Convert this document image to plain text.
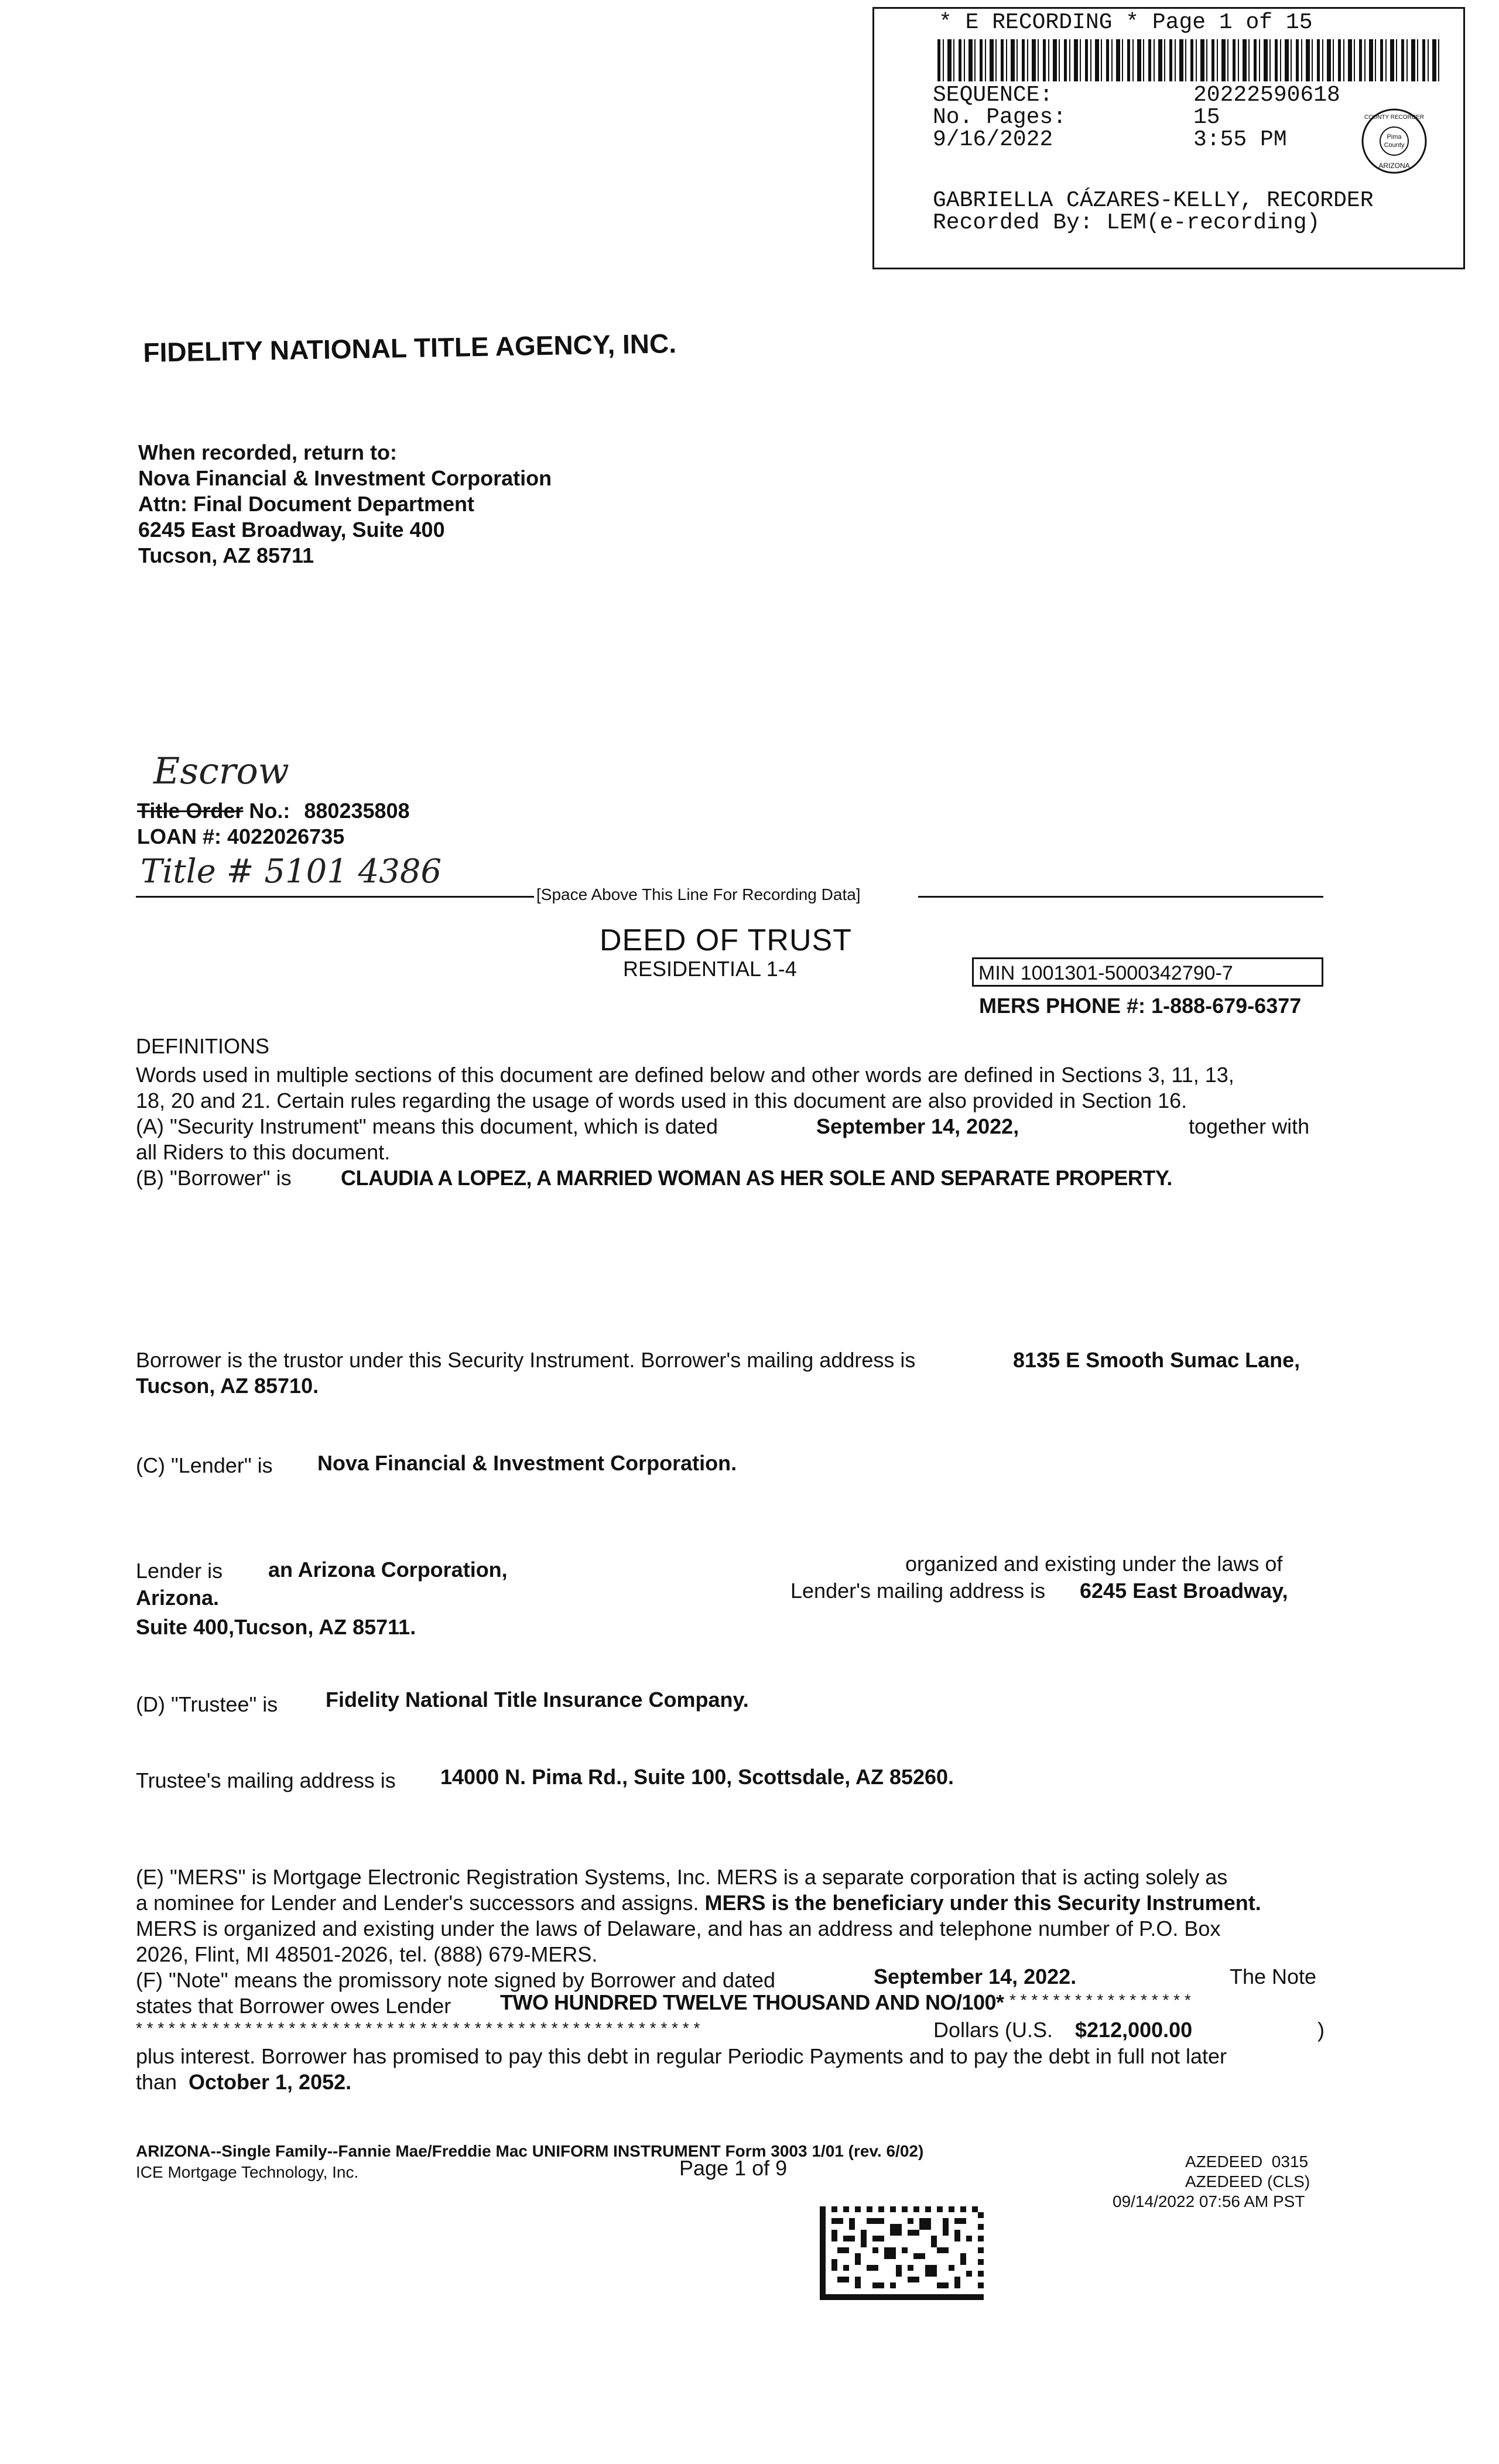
* E RECORDING * Page 1 of 15
SEQUENCE:	20222590618
No. Pages:	15
9/16/2022	3:55 PM	Pima
County
COUNTY RECORDER
ARIZONA
GABRIELLA CÁZARES-KELLY, RECORDER
Recorded By: LEM(e-recording)
FIDELITY NATIONAL TITLE AGENCY, INC.
When recorded, return to:
Nova Financial & Investment Corporation
Attn: Final Document Department
6245 East Broadway, Suite 400
Tucson, AZ 85711
Escrow
Title Order No.: 880235808
LOAN #: 4022026735
Title # 5101 4386
[Space Above This Line For Recording Data]
DEED OF TRUST
RESIDENTIAL 1-4	MIN 1001301-5000342790-7
MERS PHONE #: 1-888-679-6377
DEFINITIONS
Words used in multiple sections of this document are defined below and other words are defined in Sections 3, 11, 13,
18, 20 and 21. Certain rules regarding the usage of words used in this document are also provided in Section 16.
(A) "Security Instrument" means this document, which is dated	September 14, 2022,	together with
all Riders to this document.
(B) "Borrower" is CLAUDIA A LOPEZ, A MARRIED WOMAN AS HER SOLE AND SEPARATE PROPERTY.
Borrower is the trustor under this Security Instrument. Borrower's mailing address is	8135 E Smooth Sumac Lane,
Tucson, AZ 85710.
(C) "Lender" is Nova Financial & Investment Corporation.
Lender is an Arizona Corporation,	organized and existing under the laws of
Arizona.	Lender's mailing address is 6245 East Broadway,
Suite 400,Tucson, AZ 85711.
(D) "Trustee" is Fidelity National Title Insurance Company.
Trustee's mailing address is 14000 N. Pima Rd., Suite 100, Scottsdale, AZ 85260.
(E) "MERS" is Mortgage Electronic Registration Systems, Inc. MERS is a separate corporation that is acting solely as
a nominee for Lender and Lender's successors and assigns. MERS is the beneficiary under this Security Instrument.
MERS is organized and existing under the laws of Delaware, and has an address and telephone number of P.O. Box
2026, Flint, MI 48501-2026, tel. (888) 679-MERS.
(F) "Note" means the promissory note signed by Borrower and dated	September 14, 2022.	The Note
states that Borrower owes Lender TWO HUNDRED TWELVE THOUSAND AND NO/100* * * * * * * * * * * * * * * * * *
* * * * * * * * * * * * * * * * * * * * * * * * * * * * * * * * * * * * * * * * * * * * * * * * * * * *	Dollars (U.S. $212,000.00	)
plus interest. Borrower has promised to pay this debt in regular Periodic Payments and to pay the debt in full not later
than October 1, 2052.
ARIZONA--Single Family--Fannie Mae/Freddie Mac UNIFORM INSTRUMENT Form 3003 1/01 (rev. 6/02)
ICE Mortgage Technology, Inc.	Page 1 of 9	AZEDEED  0315
AZEDEED (CLS)
09/14/2022 07:56 AM PST
